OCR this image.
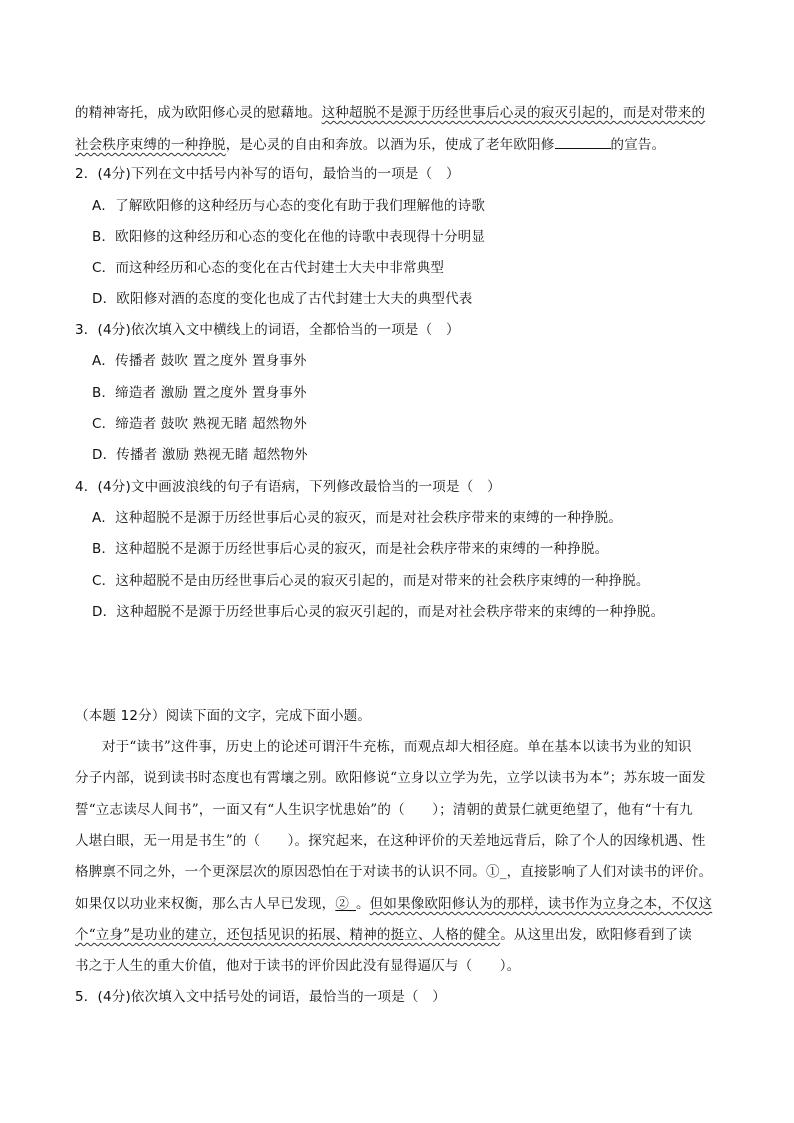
的精神寄托，成为欧阳修心灵的慰藉地。这种超脱不是源于历经世事后心灵的寂灭引起的，而是对带来的
社会秩序束缚的一种挣脱，是心灵的自由和奔放。以酒为乐，使成了老年欧阳修	的宣告。
2．(4分)下列在文中括号内补写的语句，最恰当的一项是（　）
A．了解欧阳修的这种经历与心态的变化有助于我们理解他的诗歌
B．欧阳修的这种经历和心态的变化在他的诗歌中表现得十分明显
C．而这种经历和心态的变化在古代封建士大夫中非常典型
D．欧阳修对酒的态度的变化也成了古代封建士大夫的典型代表
3．(4分)依次填入文中横线上的词语，全都恰当的一项是（　）
A．传播者 鼓吹 置之度外 置身事外
B．缔造者 激励 置之度外 置身事外
C．缔造者 鼓吹 熟视无睹 超然物外
D．传播者 激励 熟视无睹 超然物外
4．(4分)文中画波浪线的句子有语病，下列修改最恰当的一项是（　）
A．这种超脱不是源于历经世事后心灵的寂灭，而是对社会秩序带来的束缚的一种挣脱。
B．这种超脱不是源于历经世事后心灵的寂灭，而是社会秩序带来的束缚的一种挣脱。
C．这种超脱不是由历经世事后心灵的寂灭引起的，而是对带来的社会秩序束缚的一种挣脱。
D．这种超脱不是源于历经世事后心灵的寂灭引起的，而是对社会秩序带来的束缚的一种挣脱。
（本题 12分）阅读下面的文字，完成下面小题。
对于“读书”这件事，历史上的论述可谓汗牛充栋，而观点却大相径庭。单在基本以读书为业的知识
分子内部，说到读书时态度也有霄壤之别。欧阳修说“立身以立学为先，立学以读书为本”；苏东坡一面发
誓“立志读尽人间书”，一面又有“人生识字忧患始”的（　　）；清朝的黄景仁就更绝望了，他有“十有九
人堪白眼，无一用是书生”的（　　）。探究起来，在这种评价的天差地远背后，除了个人的因缘机遇、性
格脾禀不同之外，一个更深层次的原因恐怕在于对读书的认识不同。①_，直接影响了人们对读书的评价。
如果仅以功业来权衡，那么古人早已发现，②_。但如果像欧阳修认为的那样，读书作为立身之本，不仅这
个“立身”是功业的建立，还包括见识的拓展、精神的挺立、人格的健全。从这里出发，欧阳修看到了读
书之于人生的重大价值，他对于读书的评价因此没有显得逼仄与（　　）。
5．(4分)依次填入文中括号处的词语，最恰当的一项是（　）
